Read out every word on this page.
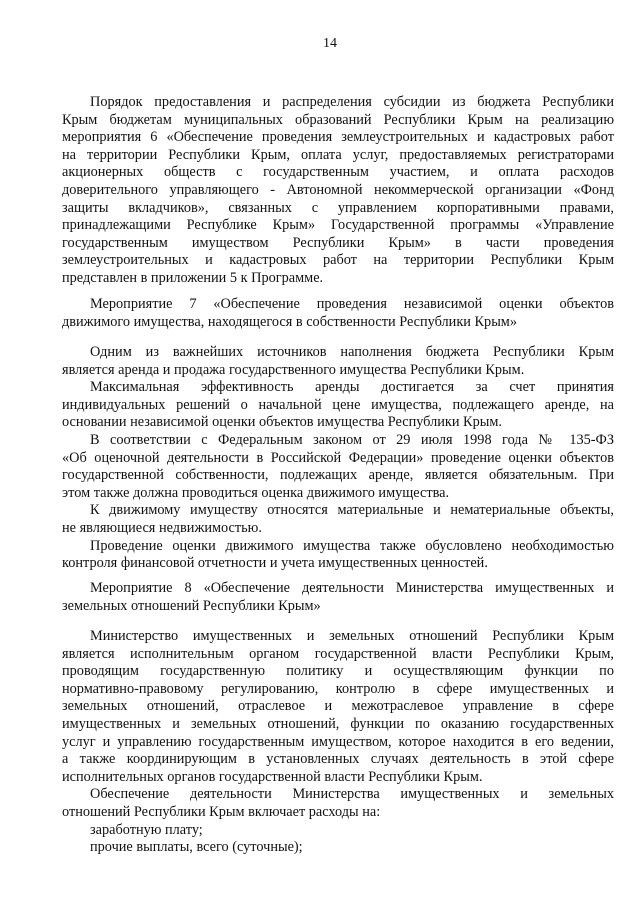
14
Порядок предоставления и распределения субсидии из бюджета Республики
Крым бюджетам муниципальных образований Республики Крым на реализацию
мероприятия 6 «Обеспечение проведения землеустроительных и кадастровых работ
на территории Республики Крым, оплата услуг, предоставляемых регистраторами
акционерных обществ с государственным участием, и оплата расходов
доверительного управляющего - Автономной некоммерческой организации «Фонд
защиты вкладчиков», связанных с управлением корпоративными правами,
принадлежащими Республике Крым» Государственной программы «Управление
государственным имуществом Республики Крым» в части проведения
землеустроительных и кадастровых работ на территории Республики Крым
представлен в приложении 5 к Программе.
Мероприятие 7 «Обеспечение проведения независимой оценки объектов
движимого имущества, находящегося в собственности Республики Крым»
Одним из важнейших источников наполнения бюджета Республики Крым
является аренда и продажа государственного имущества Республики Крым.
Максимальная эффективность аренды достигается за счет принятия
индивидуальных решений о начальной цене имущества, подлежащего аренде, на
основании независимой оценки объектов имущества Республики Крым.
В соответствии с Федеральным законом от 29 июля 1998 года № 135-ФЗ
«Об оценочной деятельности в Российской Федерации» проведение оценки объектов
государственной собственности, подлежащих аренде, является обязательным. При
этом также должна проводиться оценка движимого имущества.
К движимому имуществу относятся материальные и нематериальные объекты,
не являющиеся недвижимостью.
Проведение оценки движимого имущества также обусловлено необходимостью
контроля финансовой отчетности и учета имущественных ценностей.
Мероприятие 8 «Обеспечение деятельности Министерства имущественных и
земельных отношений Республики Крым»
Министерство имущественных и земельных отношений Республики Крым
является исполнительным органом государственной власти Республики Крым,
проводящим государственную политику и осуществляющим функции по
нормативно-правовому регулированию, контролю в сфере имущественных и
земельных отношений, отраслевое и межотраслевое управление в сфере
имущественных и земельных отношений, функции по оказанию государственных
услуг и управлению государственным имуществом, которое находится в его ведении,
а также координирующим в установленных случаях деятельность в этой сфере
исполнительных органов государственной власти Республики Крым.
Обеспечение деятельности Министерства имущественных и земельных
отношений Республики Крым включает расходы на:
заработную плату;
прочие выплаты, всего (суточные);
